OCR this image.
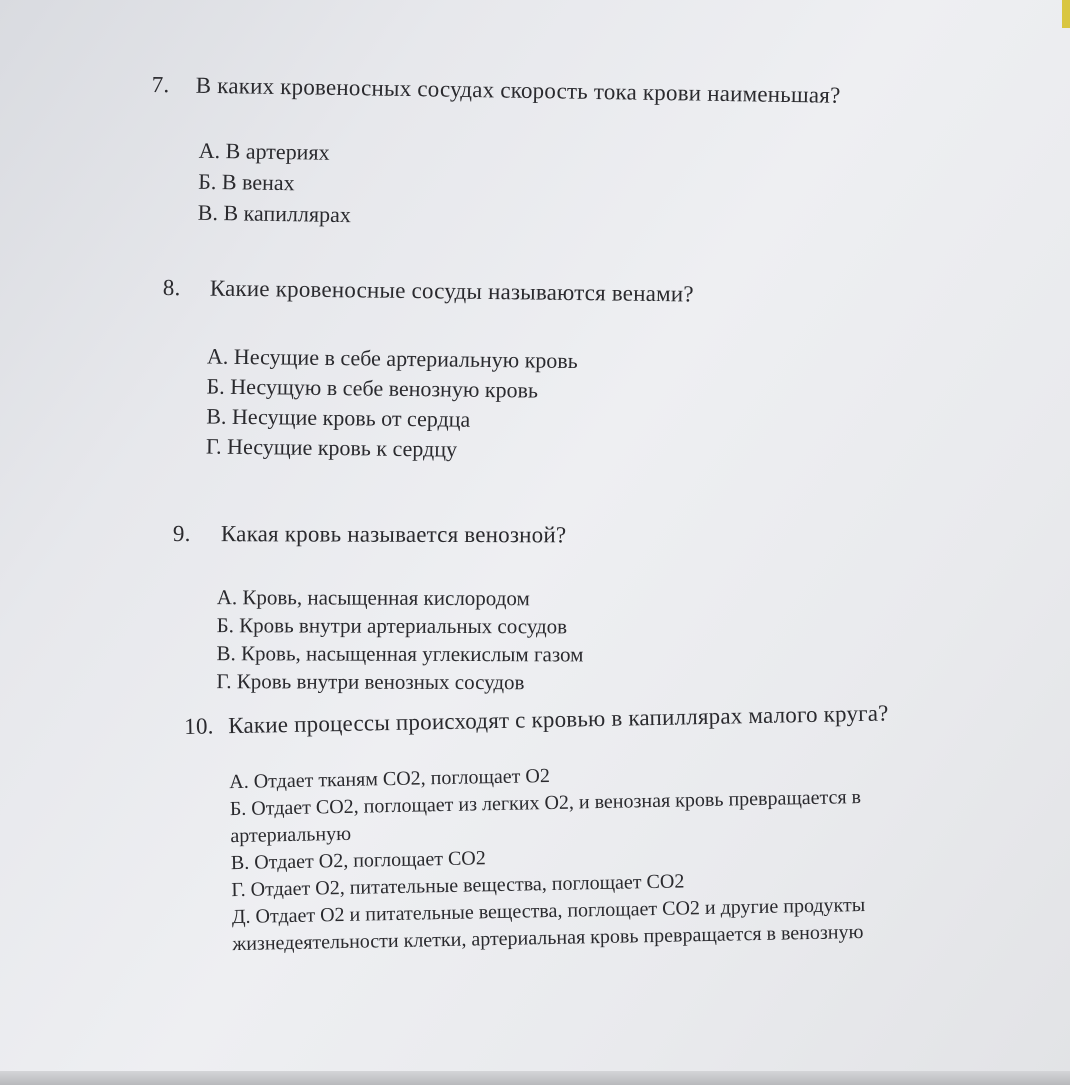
7. В каких кровеносных сосудах скорость тока крови наименьшая?
А. В артериях
Б. В венах
В. В капиллярах
8. Какие кровеносные сосуды называются венами?
А. Несущие в себе артериальную кровь
Б. Несущую в себе венозную кровь
В. Несущие кровь от сердца
Г. Несущие кровь к сердцу
9. Какая кровь называется венозной?
А. Кровь, насыщенная кислородом
Б. Кровь внутри артериальных сосудов
В. Кровь, насыщенная углекислым газом
Г. Кровь внутри венозных сосудов
10. Какие процессы происходят с кровью в капиллярах малого круга?
А. Отдает тканям СО2, поглощает О2
Б. Отдает СО2, поглощает из легких О2, и венозная кровь превращается в
артериальную
В. Отдает О2, поглощает СО2
Г. Отдает О2, питательные вещества, поглощает СО2
Д. Отдает О2 и питательные вещества, поглощает СО2 и другие продукты
жизнедеятельности клетки, артериальная кровь превращается в венозную
